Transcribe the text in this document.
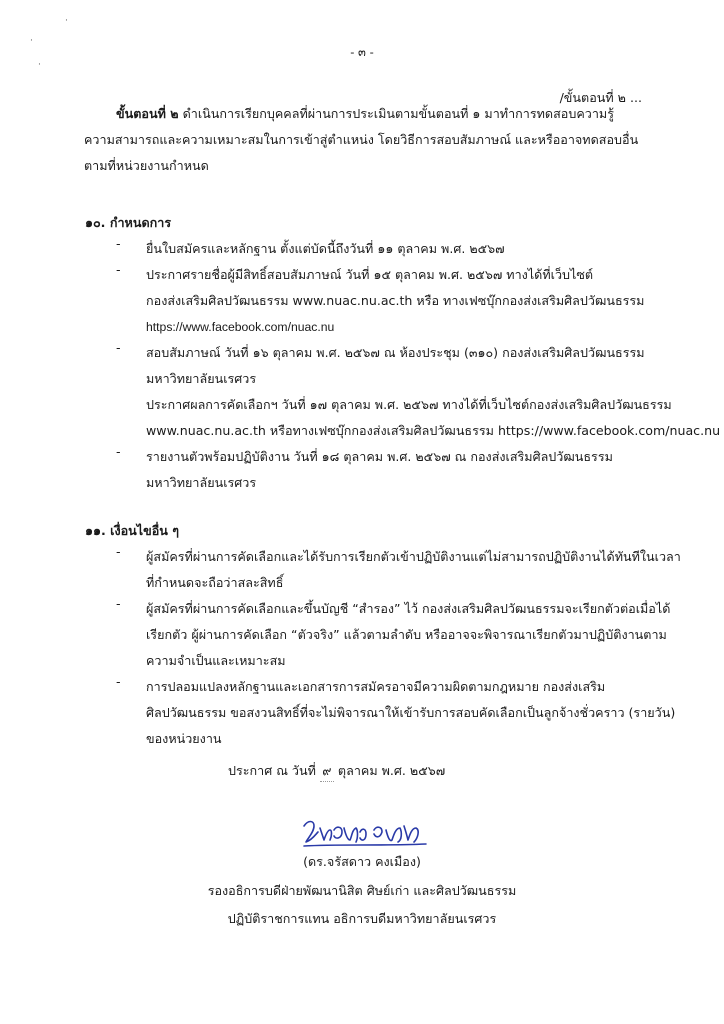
·
·
·
- ๓ -
/ขั้นตอนที่ ๒ ...

ขั้นตอนที่ ๒ ดำเนินการเรียกบุคคลที่ผ่านการประเมินตามขั้นตอนที่ ๑ มาทำการทดสอบความรู้

ความสามารถและความเหมาะสมในการเข้าสู่ตำแหน่ง โดยวิธีการสอบสัมภาษณ์ และหรืออาจทดสอบอื่น

ตามที่หน่วยงานกำหนด

๑๐. กำหนดการ
- ยื่นใบสมัครและหลักฐาน ตั้งแต่บัดนี้ถึงวันที่ ๑๑ ตุลาคม พ.ศ. ๒๕๖๗
- ประกาศรายชื่อผู้มีสิทธิ์สอบสัมภาษณ์ วันที่ ๑๕ ตุลาคม พ.ศ. ๒๕๖๗ ทางได้ที่เว็บไซต์
กองส่งเสริมศิลปวัฒนธรรม www.nuac.nu.ac.th หรือ ทางเฟซบุ๊กกองส่งเสริมศิลปวัฒนธรรม
https://www.facebook.com/nuac.nu
- สอบสัมภาษณ์ วันที่ ๑๖ ตุลาคม พ.ศ. ๒๕๖๗ ณ ห้องประชุม (๓๑๐) กองส่งเสริมศิลปวัฒนธรรม
มหาวิทยาลัยนเรศวร
ประกาศผลการคัดเลือกฯ วันที่ ๑๗ ตุลาคม พ.ศ. ๒๕๖๗ ทางได้ที่เว็บไซต์กองส่งเสริมศิลปวัฒนธรรม
www.nuac.nu.ac.th หรือทางเฟซบุ๊กกองส่งเสริมศิลปวัฒนธรรม https://www.facebook.com/nuac.nu
- รายงานตัวพร้อมปฏิบัติงาน วันที่ ๑๘ ตุลาคม พ.ศ. ๒๕๖๗ ณ กองส่งเสริมศิลปวัฒนธรรม
มหาวิทยาลัยนเรศวร
๑๑. เงื่อนไขอื่น ๆ
- ผู้สมัครที่ผ่านการคัดเลือกและได้รับการเรียกตัวเข้าปฏิบัติงานแต่ไม่สามารถปฏิบัติงานได้ทันทีในเวลา
ที่กำหนดจะถือว่าสละสิทธิ์
- ผู้สมัครที่ผ่านการคัดเลือกและขึ้นบัญชี “สำรอง” ไว้ กองส่งเสริมศิลปวัฒนธรรมจะเรียกตัวต่อเมื่อได้
เรียกตัว ผู้ผ่านการคัดเลือก “ตัวจริง” แล้วตามลำดับ หรืออาจจะพิจารณาเรียกตัวมาปฏิบัติงานตาม
ความจำเป็นและเหมาะสม
- การปลอมแปลงหลักฐานและเอกสารการสมัครอาจมีความผิดตามกฎหมาย กองส่งเสริม
ศิลปวัฒนธรรม ขอสงวนสิทธิ์ที่จะไม่พิจารณาให้เข้ารับการสอบคัดเลือกเป็นลูกจ้างชั่วคราว (รายวัน)
ของหน่วยงาน
ประกาศ ณ วันที่ ๙ ตุลาคม พ.ศ. ๒๕๖๗
(ดร.จรัสดาว คงเมือง)
รองอธิการบดีฝ่ายพัฒนานิสิต ศิษย์เก่า และศิลปวัฒนธรรม
ปฏิบัติราชการแทน อธิการบดีมหาวิทยาลัยนเรศวร
